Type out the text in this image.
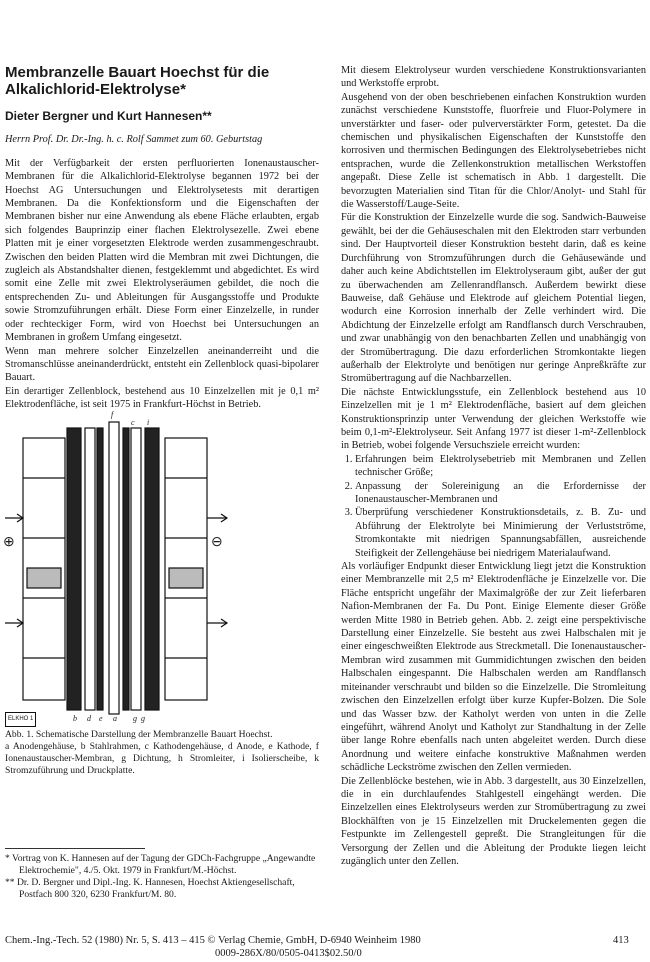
Membranzelle Bauart Hoechst für die Alkalichlorid-Elektrolyse*
Dieter Bergner und Kurt Hannesen**

Herrn Prof. Dr. Dr.-Ing. h. c. Rolf Sammet zum 60. Geburtstag

Mit der Verfügbarkeit der ersten perfluorierten Ionenaustauscher-Membranen für die Alkalichlorid-Elektrolyse begannen 1972 bei der Hoechst AG Untersuchungen und Elektrolysetests mit derartigen Membranen. Da die Konfektionsform und die Eigenschaften der Membranen bisher nur eine Anwendung als ebene Fläche erlaubten, ergab sich folgendes Bauprinzip einer flachen Elektrolysezelle. Zwei ebene Platten mit je einer vorgesetzten Elektrode werden zusammengeschraubt. Zwischen den beiden Platten wird die Membran mit zwei Dichtungen, die zugleich als Abstandshalter dienen, festgeklemmt und abgedichtet. Es wird somit eine Zelle mit zwei Elektrolyseräumen gebildet, die noch die entsprechenden Zu- und Ableitungen für Ausgangsstoffe und Produkte sowie Stromzuführungen erhält. Diese Form einer Einzelzelle, in runder oder rechteckiger Form, wird von Hoechst bei Untersuchungen an Membranen in großem Umfang eingesetzt.

Wenn man mehrere solcher Einzelzellen aneinanderreiht und die Stromanschlüsse aneinanderdrückt, entsteht ein Zellenblock quasi-bipolarer Bauart.

Ein derartiger Zellenblock, bestehend aus 10 Einzelzellen mit je 0,1 m² Elektrodenfläche, ist seit 1975 in Frankfurt-Höchst in Betrieb.

⊕	⊖
f
c i
b d e a g g
ELKHO 1

Abb. 1. Schematische Darstellung der Membranzelle Bauart Hoechst.

a Anodengehäuse, b Stahlrahmen, c Kathodengehäuse, d Anode, e Kathode, f Ionenaustauscher-Membran, g Dichtung, h Stromleiter, i Isolierscheibe, k Stromzuführung und Druckplatte.

* Vortrag von K. Hannesen auf der Tagung der GDCh-Fachgruppe „Angewandte Elektrochemie", 4./5. Okt. 1979 in Frankfurt/M.-Höchst.

** Dr. D. Bergner und Dipl.-Ing. K. Hannesen, Hoechst Aktiengesellschaft, Postfach 800 320, 6230 Frankfurt/M. 80.

Mit diesem Elektrolyseur wurden verschiedene Konstruktionsvarianten und Werkstoffe erprobt.

Ausgehend von der oben beschriebenen einfachen Konstruktion wurden zunächst verschiedene Kunststoffe, fluorfreie und Fluor-Polymere in unverstärkter und faser- oder pulververstärkter Form, getestet. Da die chemischen und physikalischen Eigenschaften der Kunststoffe den korrosiven und thermischen Bedingungen des Elektrolysebetriebes nicht entsprachen, wurde die Zellenkonstruktion metallischen Werkstoffen angepaßt. Diese Zelle ist schematisch in Abb. 1 dargestellt. Die bevorzugten Materialien sind Titan für die Chlor/Anolyt- und Stahl für die Wasserstoff/Lauge-Seite.

Für die Konstruktion der Einzelzelle wurde die sog. Sandwich-Bauweise gewählt, bei der die Gehäuseschalen mit den Elektroden starr verbunden sind. Der Hauptvorteil dieser Konstruktion besteht darin, daß es keine Durchführung von Stromzuführungen durch die Gehäusewände und daher auch keine Abdichtstellen im Elektrolyseraum gibt, außer der gut zu überwachenden am Zellenrandflansch. Außerdem bewirkt diese Bauweise, daß Gehäuse und Elektrode auf gleichem Potential liegen, wodurch eine Korrosion innerhalb der Zelle verhindert wird. Die Abdichtung der Einzelzelle erfolgt am Randflansch durch Verschrauben, und zwar unabhängig von den benachbarten Zellen und unabhängig von der Stromübertragung. Die dazu erforderlichen Stromkontakte liegen außerhalb der Elektrolyte und benötigen nur geringe Anpreßkräfte zur Stromübertragung auf die Nachbarzellen.

Die nächste Entwicklungsstufe, ein Zellenblock bestehend aus 10 Einzelzellen mit je 1 m² Elektrodenfläche, basiert auf dem gleichen Konstruktionsprinzip unter Verwendung der gleichen Werkstoffe wie beim 0,1-m²-Elektrolyseur. Seit Anfang 1977 ist dieser 1-m²-Zellenblock in Betrieb, wobei folgende Versuchsziele erreicht wurden:

1. Erfahrungen beim Elektrolysebetrieb mit Membranen und Zellen technischer Größe;
2. Anpassung der Solereinigung an die Erfordernisse der Ionenaustauscher-Membranen und
3. Überprüfung verschiedener Konstruktionsdetails, z. B. Zu- und Abführung der Elektrolyte bei Minimierung der Verlustströme, Stromkontakte mit niedrigen Spannungsabfällen, ausreichende Steifigkeit der Zellengehäuse bei niedrigem Materialaufwand.

Als vorläufiger Endpunkt dieser Entwicklung liegt jetzt die Konstruktion einer Membranzelle mit 2,5 m² Elektrodenfläche je Einzelzelle vor. Die Fläche entspricht ungefähr der Maximalgröße der zur Zeit lieferbaren Nafion-Membranen der Fa. Du Pont. Einige Elemente dieser Größe werden Mitte 1980 in Betrieb gehen. Abb. 2. zeigt eine perspektivische Darstellung einer Einzelzelle. Sie besteht aus zwei Halbschalen mit je einer eingeschweißten Elektrode aus Streckmetall. Die Ionenaustauscher-Membran wird zusammen mit Gummidichtungen zwischen den beiden Halbschalen eingespannt. Die Halbschalen werden am Randflansch miteinander verschraubt und bilden so die Einzelzelle. Die Stromleitung zwischen den Einzelzellen erfolgt über kurze Kupfer-Bolzen. Die Sole und das Wasser bzw. der Katholyt werden von unten in die Zelle eingeführt, während Anolyt und Katholyt zur Standhaltung in der Zelle über lange Rohre ebenfalls nach unten abgeleitet werden. Durch diese Anordnung und weitere einfache konstruktive Maßnahmen werden schädliche Leckströme zwischen den Zellen vermieden.

Die Zellenblöcke bestehen, wie in Abb. 3 dargestellt, aus 30 Einzelzellen, die in ein durchlaufendes Stahlgestell eingehängt werden. Die Einzelzellen eines Elektrolyseurs werden zur Stromübertragung zu zwei Blockhälften von je 15 Einzelzellen mit Druckelementen gegen die Festpunkte im Zellengestell gepreßt. Die Strangleitungen für die Versorgung der Zellen und die Ableitung der Produkte liegen leicht zugänglich unter den Zellen.

Chem.-Ing.-Tech. 52 (1980) Nr. 5, S. 413 – 415 © Verlag Chemie, GmbH, D-6940 Weinheim 1980
0009-286X/80/0505-0413$02.50/0
413
